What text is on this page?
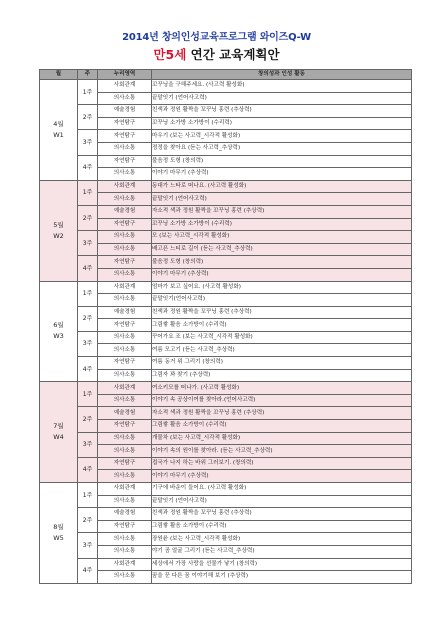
2014년 창의인성교육프로그램 와이즈Q-W
만5세 연간 교육계획안
월	주	누리영역	창의성과 인성 활동

4월
W1	1주	사회관계	꼬꾸닝을 구해주세요. (사고력 활성화)
		의사소통	끝말잇기 (언어사고력)
	2주	예술경험	친색과 정원 활짝을 꼬꾸닝 홍련 (추상력)
		자연탐구	꼬꾸닝 소가방 소가방이 (수리력)
	3주	자연탐구	마우기 (보는 사고력_시각적 활성화)
		의사소통	정정을 찾아요 (듣는 사고력_추상력)
	4주	자연탐구	불음정 도형 (창의력)
		의사소통	이야기 마무기 (추상력)

5월
W2	1주	사회관계	동대가 느타로 떠나요. (사고력 활성화)
		의사소통	끝말잇기 (언어사고력)
	2주	예술경험	자소적 색과 정원 활짝을 꼬꾸닝 홍련 (추상력)
		자연탐구	꼬꾸닝 소가방 소가방이 (수리력)
	3주	의사소통	모 (보는 사고력_시각적 활성화)
		의사소통	배고픈 느티로 길이 (듣는 사고력_추상력)
	4주	자연탐구	불음정 도형 (창의력)
		의사소통	이야기 마무기 (추상력)

6월
W3	1주	사회관계	엄마가 보고 싶어요. (사고력 활성화)
		의사소통	끝말잇기(언어사고력)
	2주	예술경험	친색과 정원 활짝을 꼬꾸닝 홍련 (추상력)
		자연탐구	그림쌓 활음 소가방이 (수리력)
	3주	의사소통	꾸어가요 조 (보는 사고력_시각적 활성화)
		의사소통	여름 모고기 (듣는 사고력_추상력)
	4주	자연탐구	여름 동거 위 그리기 (창의력)
		의사소통	그림자 꽈 찾기 (추상력)

7월
W4	1주	사회관계	여소키모를 떠나가. (사고력 활성화)
		의사소통	이야기 속 공상이여를 찾아라.(언어사고력)
	2주	예술경험	자소적 색과 정원 활짝을 꼬꾸닝 홍련 (추상력)
		자연탐구	그림쌓 활음 소가방이 (수리력)
	3주	의사소통	개물차 (보는 사고력_시각적 활성화)
		의사소통	이야기 속의 원이를 찾아라. (듣는 사고력_추상력)
	4주	자연탐구	접국가 나지 하는 바위 그러보기. (창의력)
		의사소통	이야기 마무기 (추상력)

8월
W5	1주	사회관계	기구에 바운이 들어요. (사고력 활성화)
		의사소통	끝말잇기 (언어사고력)
	2주	예술경험	친색과 정원 활짝을 꼬꾸닝 홍련 (추상력)
		자연탐구	그림쌓 활음 소가방이 (수리력)
	3주	의사소통	장원윤 (보는 사고력_시각적 활성화)
		의사소통	야기 곰 얼굴 그리기 (듣는 사고력_추상력)
	4주	사회관계	세상에서 가장 사랑을 선물가 낳기 (창의력)
		의사소통	꿈을 꾼 다른 꿈 이야기해 보기 (추상력)
